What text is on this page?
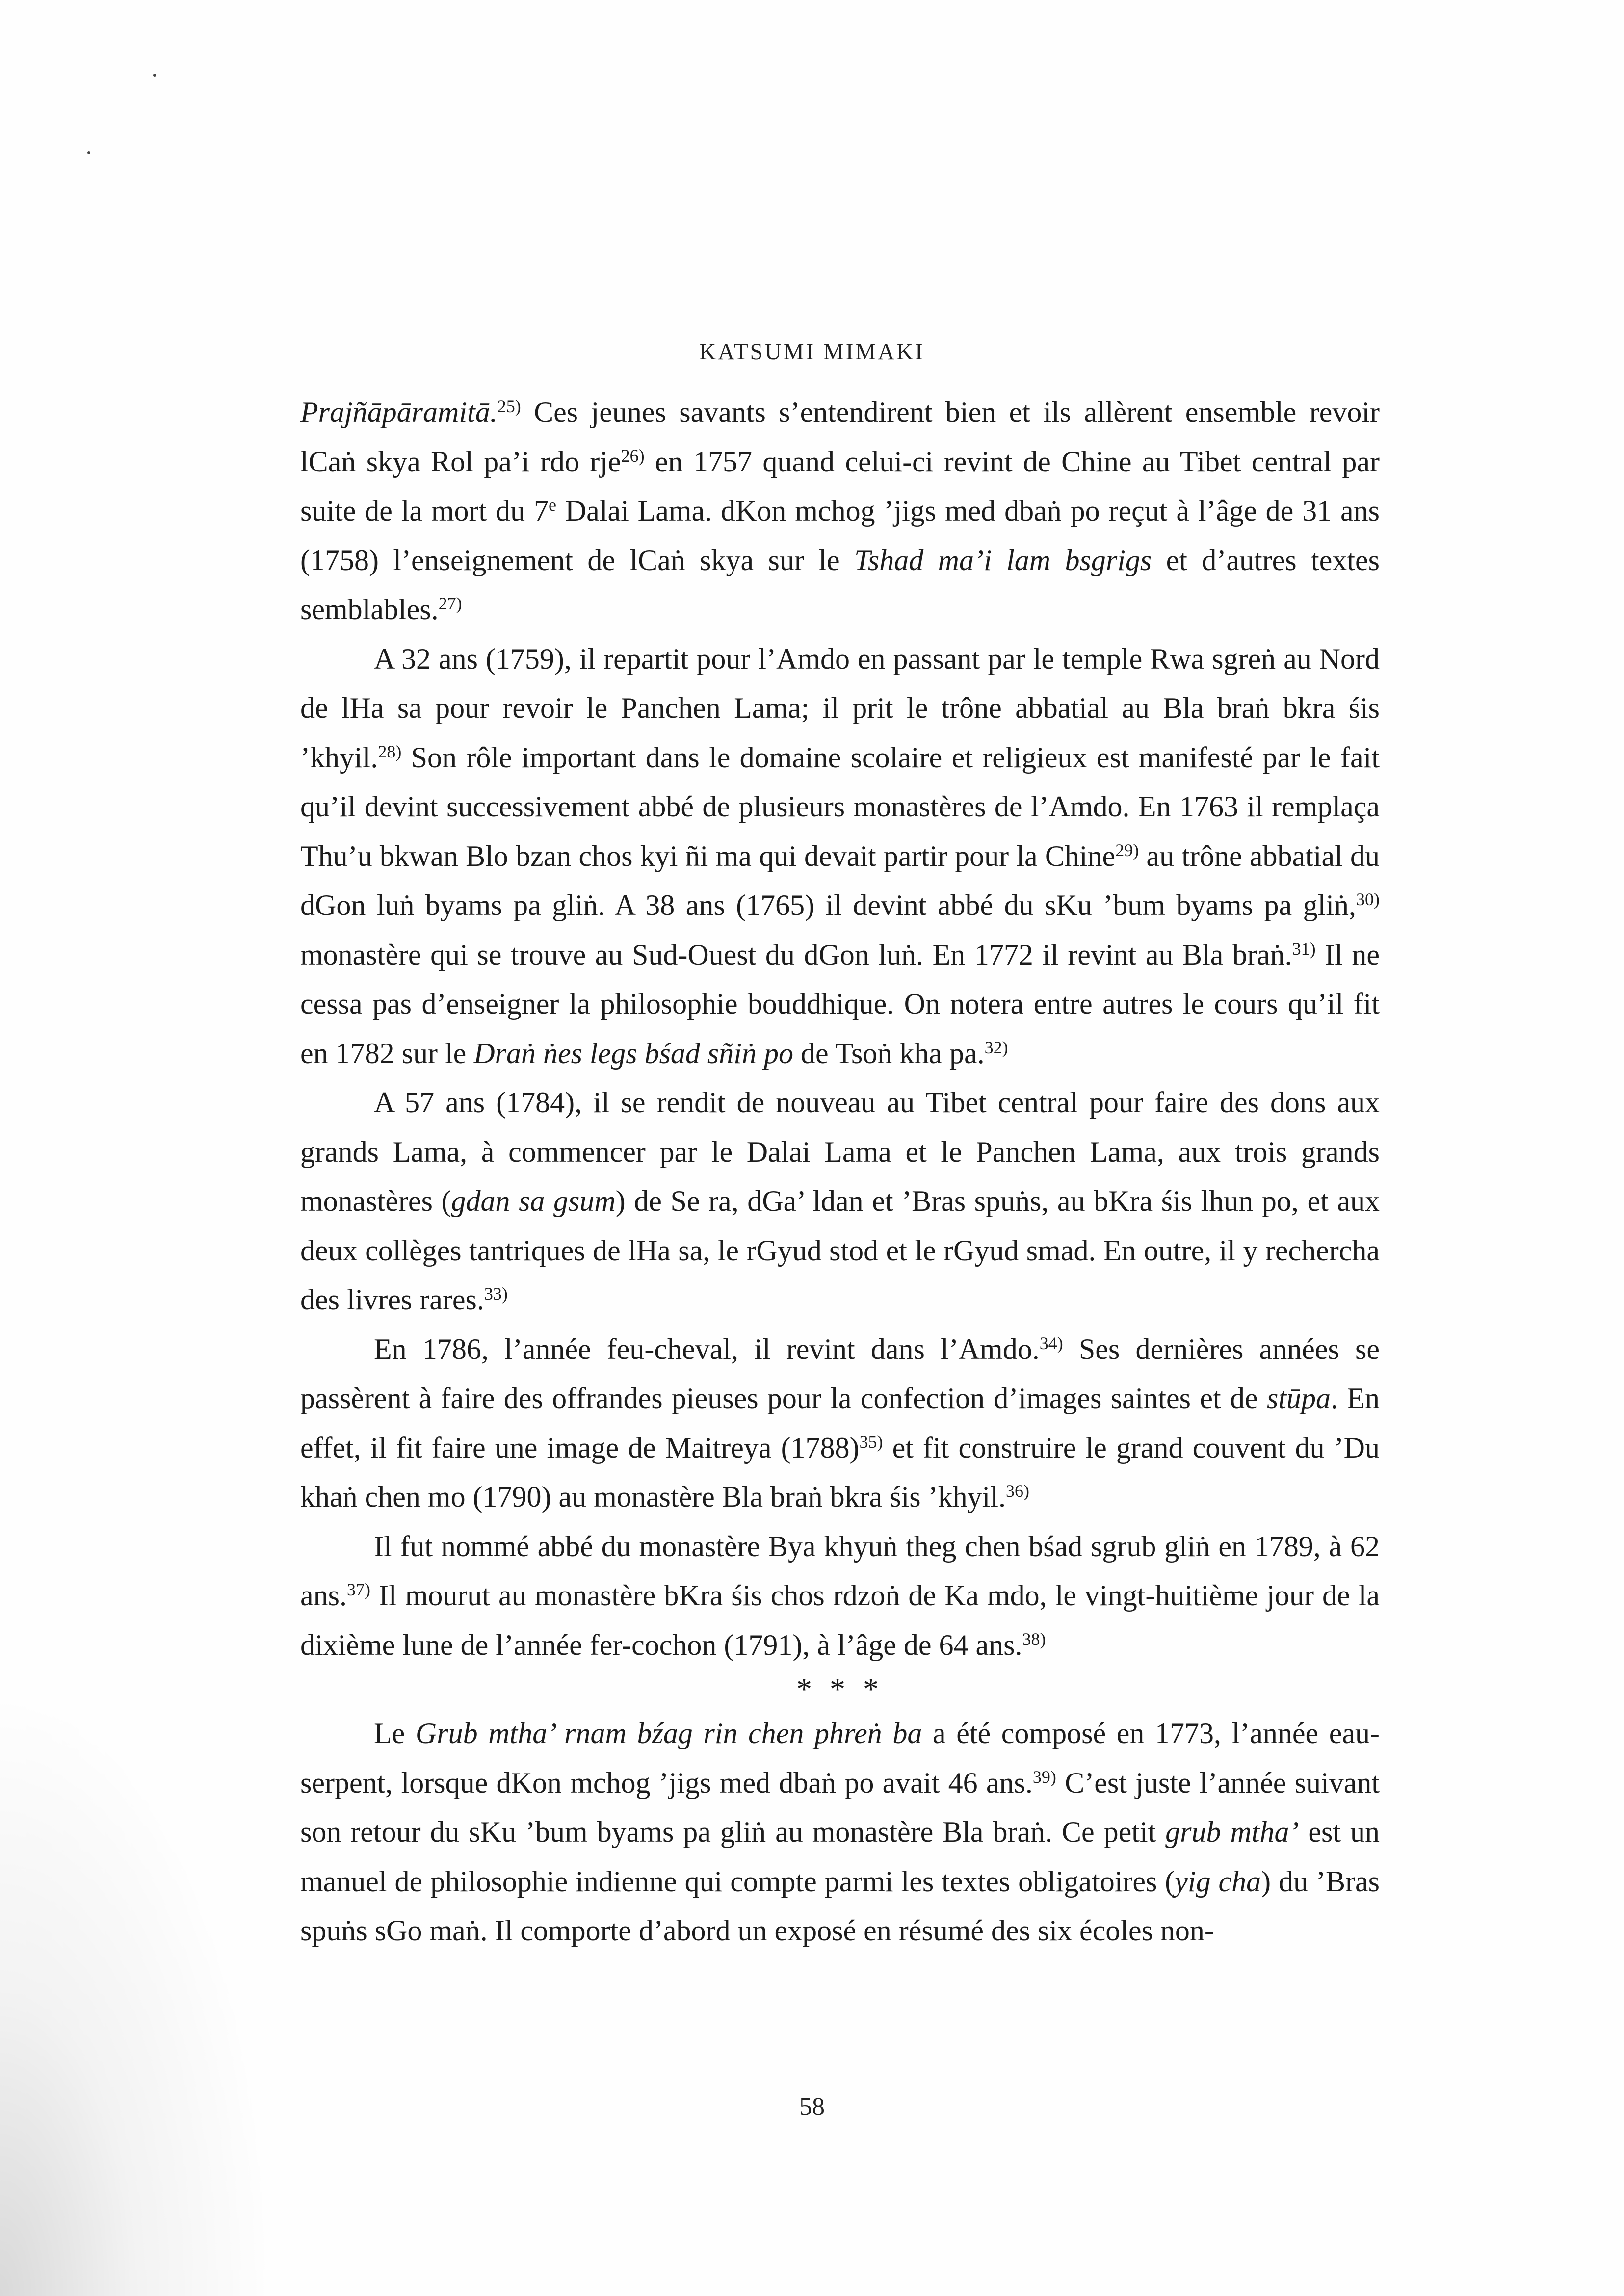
KATSUMI MIMAKI

Prajñāpāramitā.$^{25)}$ Ces jeunes savants s’entendirent bien et ils allèrent ensemble revoir lCaṅ skya Rol pa’i rdo rje$^{26)}$ en 1757 quand celui-ci revint de Chine au Tibet central par suite de la mort du 7e Dalai Lama. dKon mchog ’jigs med dbaṅ po reçut à l’âge de 31 ans (1758) l’enseignement de lCaṅ skya sur le Tshad ma’i lam bsgrigs et d’autres textes semblables.$^{27)}$

A 32 ans (1759), il repartit pour l’Amdo en passant par le temple Rwa sgreṅ au Nord de lHa sa pour revoir le Panchen Lama; il prit le trône abbatial au Bla braṅ bkra śis ’khyil.$^{28)}$ Son rôle important dans le domaine scolaire et religieux est manifesté par le fait qu’il devint successivement abbé de plusieurs monastères de l’Amdo. En 1763 il remplaça Thu’u bkwan Blo bzan chos kyi ñi ma qui devait partir pour la Chine$^{29)}$ au trône abbatial du dGon luṅ byams pa gliṅ. A 38 ans (1765) il devint abbé du sKu ’bum byams pa gliṅ,$^{30)}$ monastère qui se trouve au Sud-Ouest du dGon luṅ. En 1772 il revint au Bla braṅ.$^{31)}$ Il ne cessa pas d’enseigner la philosophie bouddhique. On notera entre autres le cours qu’il fit en 1782 sur le Draṅ ṅes legs bśad sñiṅ po de Tsoṅ kha pa.$^{32)}$

A 57 ans (1784), il se rendit de nouveau au Tibet central pour faire des dons aux grands Lama, à commencer par le Dalai Lama et le Panchen Lama, aux trois grands monastères (gdan sa gsum) de Se ra, dGa’ ldan et ’Bras spuṅs, au bKra śis lhun po, et aux deux collèges tantriques de lHa sa, le rGyud stod et le rGyud smad. En outre, il y rechercha des livres rares.$^{33)}$

En 1786, l’année feu-cheval, il revint dans l’Amdo.$^{34)}$ Ses dernières années se passèrent à faire des offrandes pieuses pour la confection d’images saintes et de stūpa. En effet, il fit faire une image de Maitreya $(1788)^{35)}$ et fit construire le grand couvent du ’Du khaṅ chen mo (1790) au monastère Bla braṅ bkra śis ’khyil.$^{36)}$

Il fut nommé abbé du monastère Bya khyuṅ theg chen bśad sgrub gliṅ en 1789, à 62 ans.$^{37)}$ Il mourut au monastère bKra śis chos rdzoṅ de Ka mdo, le vingt-huitième jour de la dixième lune de l’année fer-cochon (1791), à l’âge de 64 ans.$^{38)}$

* * *

Le Grub mtha’ rnam bźag rin chen phreṅ ba a été composé en 1773, l’année eau-serpent, lorsque dKon mchog ’jigs med dbaṅ po avait 46 ans.$^{39)}$ C’est juste l’année suivant son retour du sKu ’bum byams pa gliṅ au monastère Bla braṅ. Ce petit grub mtha’ est un manuel de philosophie indienne qui compte parmi les textes obligatoires (yig cha) du ’Bras spuṅs sGo maṅ. Il comporte d’abord un exposé en résumé des six écoles non-

58
